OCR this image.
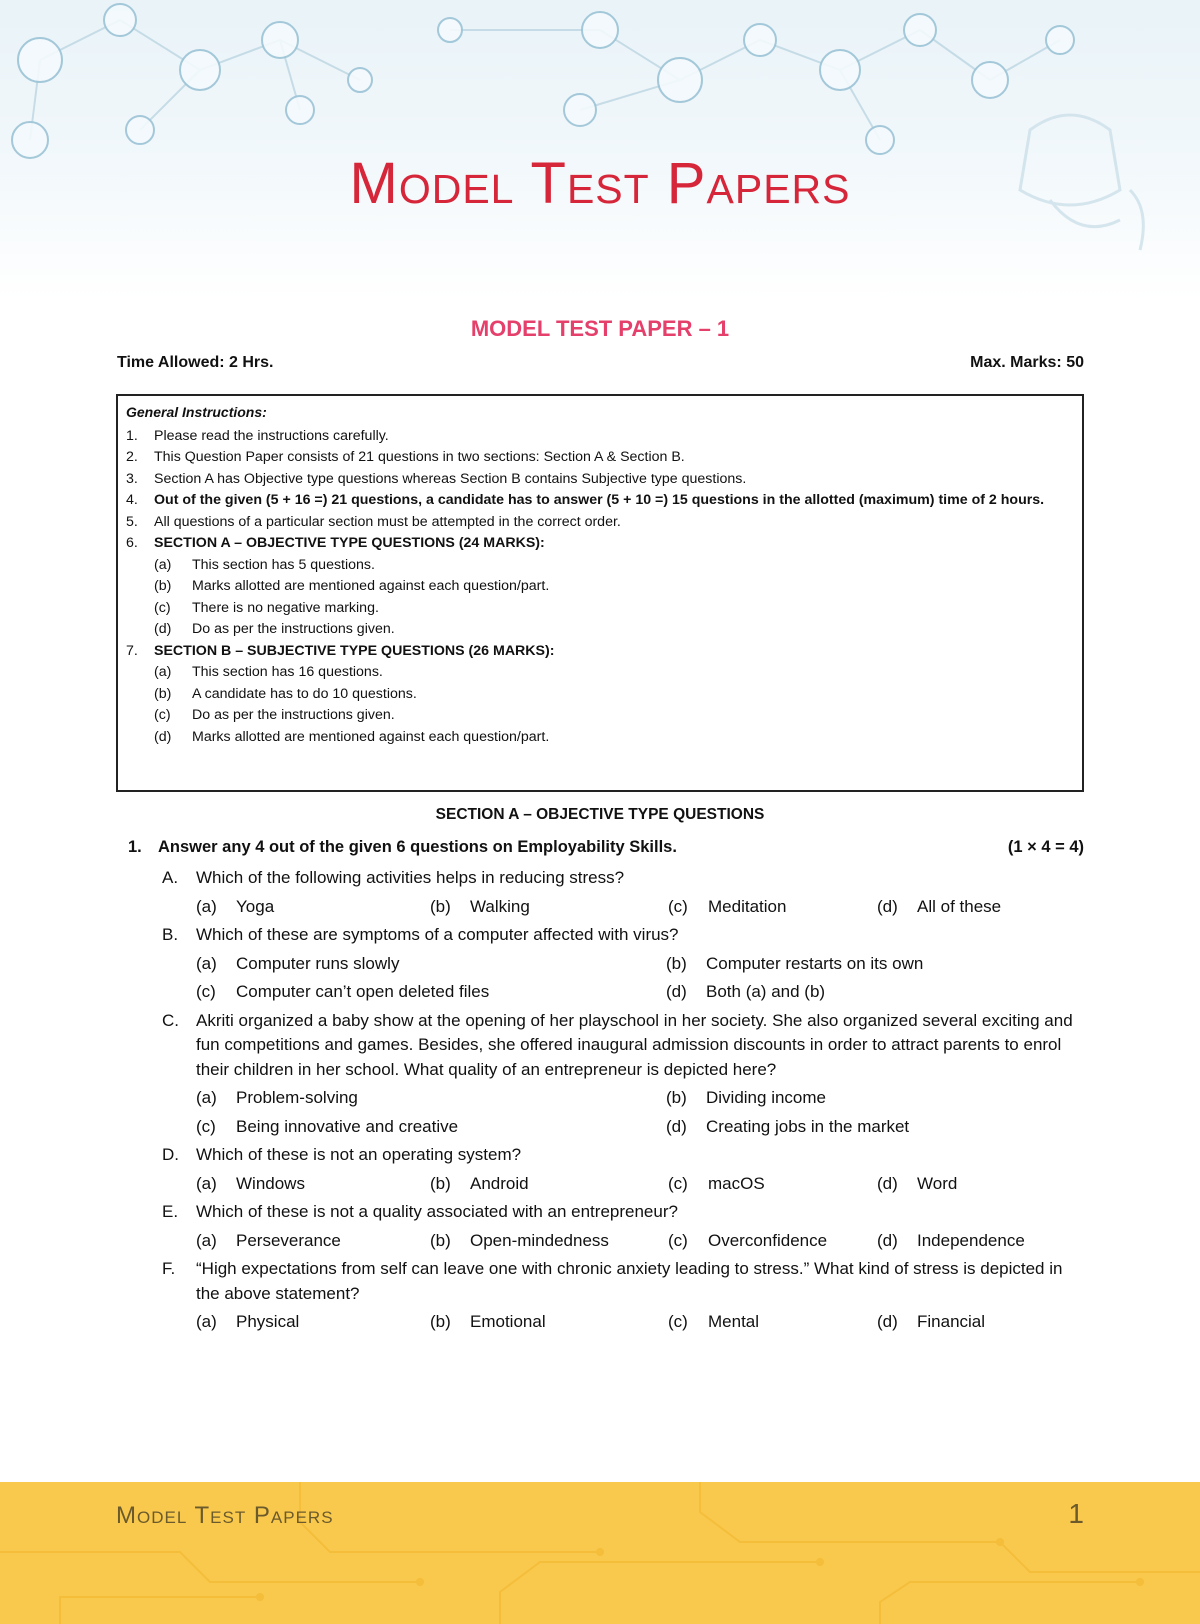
Model Test Papers
MODEL TEST PAPER – 1
Time Allowed: 2 Hrs.	Max. Marks: 50
General Instructions:
1.	Please read the instructions carefully.
2.	This Question Paper consists of 21 questions in two sections: Section A & Section B.
3.	Section A has Objective type questions whereas Section B contains Subjective type questions.
4.	Out of the given (5 + 16 =) 21 questions, a candidate has to answer (5 + 10 =) 15 questions in the allotted (maximum) time of 2 hours.
5.	All questions of a particular section must be attempted in the correct order.
6.	SECTION A – OBJECTIVE TYPE QUESTIONS (24 MARKS):
(a)	This section has 5 questions.
(b)	Marks allotted are mentioned against each question/part.
(c)	There is no negative marking.
(d)	Do as per the instructions given.
7.	SECTION B – SUBJECTIVE TYPE QUESTIONS (26 MARKS):
(a)	This section has 16 questions.
(b)	A candidate has to do 10 questions.
(c)	Do as per the instructions given.
(d)	Marks allotted are mentioned against each question/part.
SECTION A – OBJECTIVE TYPE QUESTIONS
1. Answer any 4 out of the given 6 questions on Employability Skills.	(1 × 4 = 4)
A.	Which of the following activities helps in reducing stress?
(a)	Yoga	(b)	Walking	(c)	Meditation	(d)	All of these
B.	Which of these are symptoms of a computer affected with virus?
(a)	Computer runs slowly	(b)	Computer restarts on its own
(c)	Computer can’t open deleted files	(d)	Both (a) and (b)
C.	Akriti organized a baby show at the opening of her playschool in her society. She also organized several exciting and fun competitions and games. Besides, she offered inaugural admission discounts in order to attract parents to enrol their children in her school. What quality of an entrepreneur is depicted here?
(a)	Problem-solving	(b)	Dividing income
(c)	Being innovative and creative	(d)	Creating jobs in the market
D.	Which of these is not an operating system?
(a)	Windows	(b)	Android	(c)	macOS	(d)	Word
E.	Which of these is not a quality associated with an entrepreneur?
(a)	Perseverance	(b)	Open-mindedness	(c)	Overconfidence	(d)	Independence
F.	“High expectations from self can leave one with chronic anxiety leading to stress.” What kind of stress is depicted in the above statement?
(a)	Physical	(b)	Emotional	(c)	Mental	(d)	Financial
Model Test Papers	1
